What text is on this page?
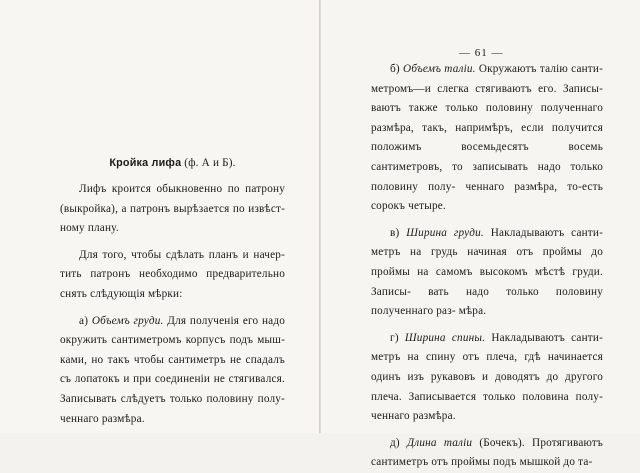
Кройка лифа (ф. А и Б).

Лифъ кроится обыкновенно по патрону (выкройка), а патронъ вырѣзается по извѣст- ному плану.

Для того, чтобы сдѣлать планъ и начер- тить патронъ необходимо предварительно снять слѣдующія мѣрки:

а) Объемъ груди. Для полученія его надо окружить сантиметромъ корпусъ подъ мыш- ками, но такъ чтобы сантиметръ не спадалъ съ лопатокъ и при соединеніи не стягивался. Записывать слѣдуетъ только половину полу- ченнаго размѣра.

— 61 —

б) Объемъ таліи. Окружаютъ талію санти- метромъ—и слегка стягиваютъ его. Записы- ваютъ также только половину полученнаго размѣра, такъ, напримѣръ, если получится положимъ восемьдесятъ восемь сантиметровъ, то записывать надо только половину полу- ченнаго размѣра, то-есть сорокъ четыре.

в) Ширина груди. Накладываютъ санти- метръ на грудь начиная отъ проймы до проймы на самомъ высокомъ мѣстѣ груди. Записы- вать надо только половину полученнаго раз- мѣра.

г) Ширина спины. Накладываютъ санти- метръ на спину отъ плеча, гдѣ начинается одинъ изъ рукавовъ и доводятъ до другого плеча. Записывается только половина полу- ченнаго размѣра.

д) Длина таліи (Бочекъ). Протягиваютъ сантиметръ отъ проймы подъ мышкой до та-
